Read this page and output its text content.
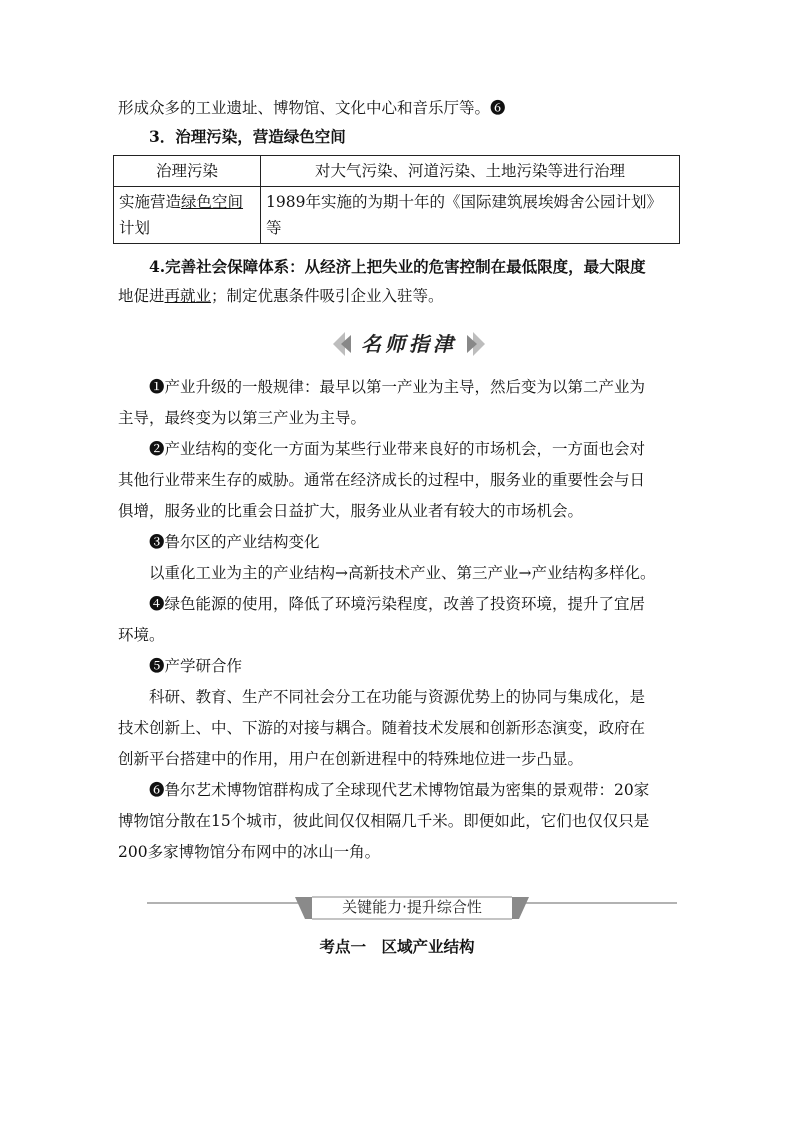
形成众多的工业遗址、博物馆、文化中心和音乐厅等。❻
3．治理污染，营造绿色空间
治理污染	对大气污染、河道污染、土地污染等进行治理
实施营造绿色空间
计划	1989年实施的为期十年的《国际建筑展埃姆舍公园计划》等
4.完善社会保障体系：从经济上把失业的危害控制在最低限度，最大限度
地促进再就业；制定优惠条件吸引企业入驻等。
名师指津
❶产业升级的一般规律：最早以第一产业为主导，然后变为以第二产业为
主导，最终变为以第三产业为主导。
❷产业结构的变化一方面为某些行业带来良好的市场机会，一方面也会对
其他行业带来生存的威胁。通常在经济成长的过程中，服务业的重要性会与日
俱增，服务业的比重会日益扩大，服务业从业者有较大的市场机会。
❸鲁尔区的产业结构变化
以重化工业为主的产业结构→高新技术产业、第三产业→产业结构多样化。
❹绿色能源的使用，降低了环境污染程度，改善了投资环境，提升了宜居
环境。
❺产学研合作
科研、教育、生产不同社会分工在功能与资源优势上的协同与集成化，是
技术创新上、中、下游的对接与耦合。随着技术发展和创新形态演变，政府在
创新平台搭建中的作用，用户在创新进程中的特殊地位进一步凸显。
❻鲁尔艺术博物馆群构成了全球现代艺术博物馆最为密集的景观带：20家
博物馆分散在15个城市，彼此间仅仅相隔几千米。即便如此，它们也仅仅只是
200多家博物馆分布网中的冰山一角。
关键能力·提升综合性
考点一　区域产业结构
